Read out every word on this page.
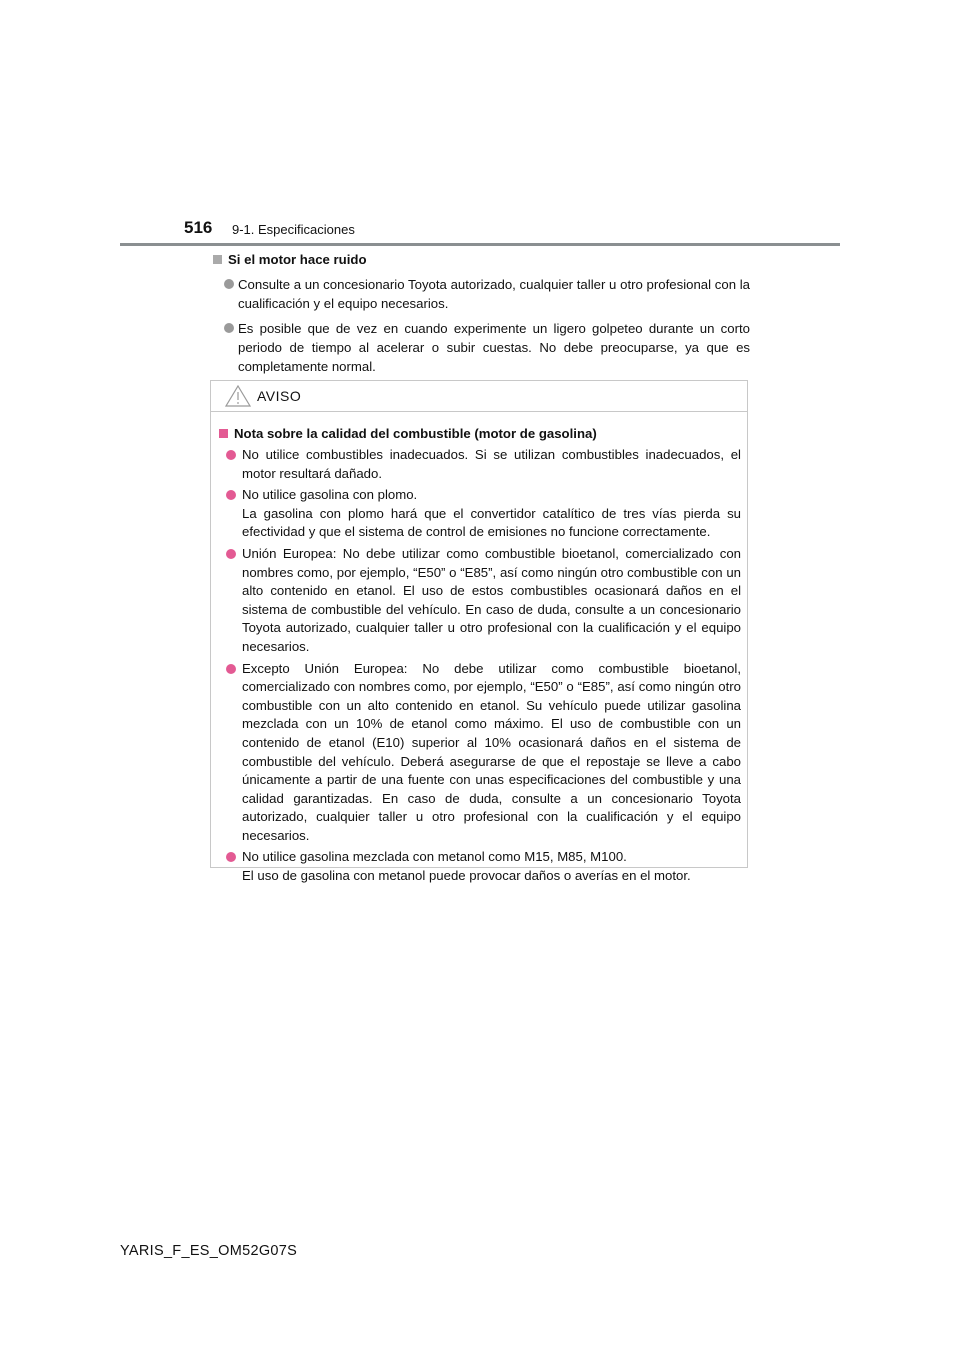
516 9-1. Especificaciones
Si el motor hace ruido
Consulte a un concesionario Toyota autorizado, cualquier taller u otro profesional con la cualificación y el equipo necesarios.
Es posible que de vez en cuando experimente un ligero golpeteo durante un corto periodo de tiempo al acelerar o subir cuestas. No debe preocuparse, ya que es completamente normal.
AVISO
Nota sobre la calidad del combustible (motor de gasolina)
No utilice combustibles inadecuados. Si se utilizan combustibles inadecuados, el motor resultará dañado.
No utilice gasolina con plomo.
La gasolina con plomo hará que el convertidor catalítico de tres vías pierda su efectividad y que el sistema de control de emisiones no funcione correctamente.
Unión Europea: No debe utilizar como combustible bioetanol, comercializado con nombres como, por ejemplo, “E50” o “E85”, así como ningún otro combustible con un alto contenido en etanol. El uso de estos combustibles ocasionará daños en el sistema de combustible del vehículo. En caso de duda, consulte a un concesionario Toyota autorizado, cualquier taller u otro profesional con la cualificación y el equipo necesarios.
Excepto Unión Europea: No debe utilizar como combustible bioetanol, comercializado con nombres como, por ejemplo, “E50” o “E85”, así como ningún otro combustible con un alto contenido en etanol. Su vehículo puede utilizar gasolina mezclada con un 10% de etanol como máximo. El uso de combustible con un contenido de etanol (E10) superior al 10% ocasionará daños en el sistema de combustible del vehículo. Deberá asegurarse de que el repostaje se lleve a cabo únicamente a partir de una fuente con unas especificaciones del combustible y una calidad garantizadas. En caso de duda, consulte a un concesionario Toyota autorizado, cualquier taller u otro profesional con la cualificación y el equipo necesarios.
No utilice gasolina mezclada con metanol como M15, M85, M100.
El uso de gasolina con metanol puede provocar daños o averías en el motor.
YARIS_F_ES_OM52G07S
